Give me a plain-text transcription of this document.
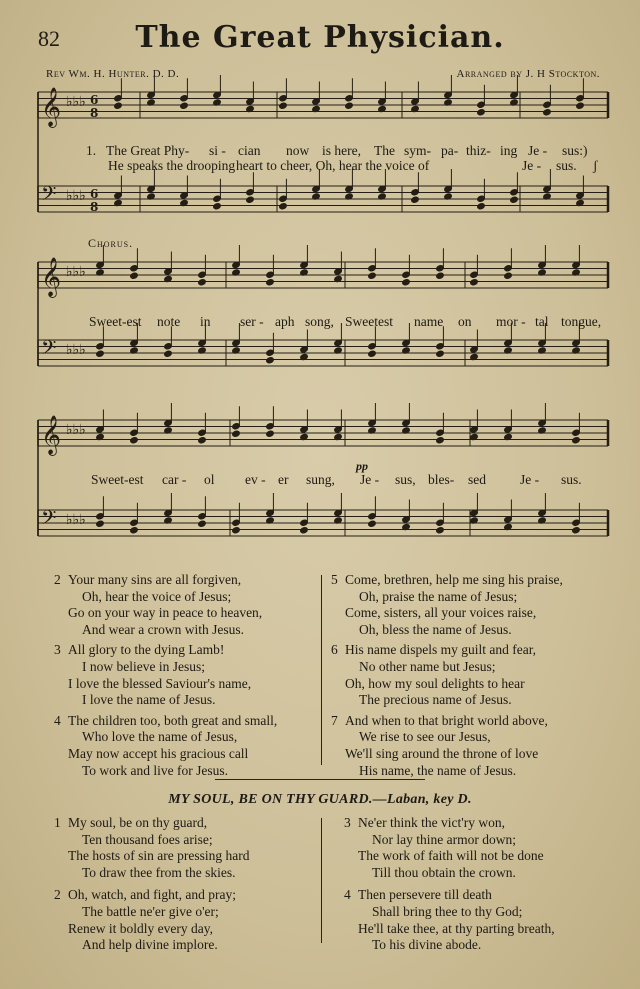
82	The Great Physician.
Rev Wm. H. Hunter. D. D.	Arranged by J. H Stockton.
𝄞 ♭♭♭ 6
8
𝄢 ♭♭♭ 6
8
𝄞 ♭♭♭
𝄢 ♭♭♭
𝄞 ♭♭♭
𝄢 ♭♭♭
1. The Great Phy- si - cian now is here, The sym- pa- thiz- ing Je - sus:)
He speaks the drooping heart to cheer, Oh, hear the voice of	Je - sus. ʃ
Chorus.
Sweet-est note in ser - aph song, Sweetest name on mor - tal tongue,
pp
Sweet-est car - ol ev - er sung, Je - sus, bles- sed	Je - sus.
2 Your many sins are all forgiven,
Oh, hear the voice of Jesus;
Go on your way in peace to heaven,
And wear a crown with Jesus.
3 All glory to the dying Lamb!
I now believe in Jesus;
I love the blessed Saviour's name,
I love the name of Jesus.
4 The children too, both great and small,
Who love the name of Jesus,
May now accept his gracious call
To work and live for Jesus.
5 Come, brethren, help me sing his praise,
Oh, praise the name of Jesus;
Come, sisters, all your voices raise,
Oh, bless the name of Jesus.
6 His name dispels my guilt and fear,
No other name but Jesus;
Oh, how my soul delights to hear
The precious name of Jesus.
7 And when to that bright world above,
We rise to see our Jesus,
We'll sing around the throne of love
His name, the name of Jesus.
MY SOUL, BE ON THY GUARD.—Laban, key D.
1 My soul, be on thy guard,
Ten thousand foes arise;
The hosts of sin are pressing hard
To draw thee from the skies.
2 Oh, watch, and fight, and pray;
The battle ne'er give o'er;
Renew it boldly every day,
And help divine implore.
3 Ne'er think the vict'ry won,
Nor lay thine armor down;
The work of faith will not be done
Till thou obtain the crown.
4 Then persevere till death
Shall bring thee to thy God;
He'll take thee, at thy parting breath,
To his divine abode.
